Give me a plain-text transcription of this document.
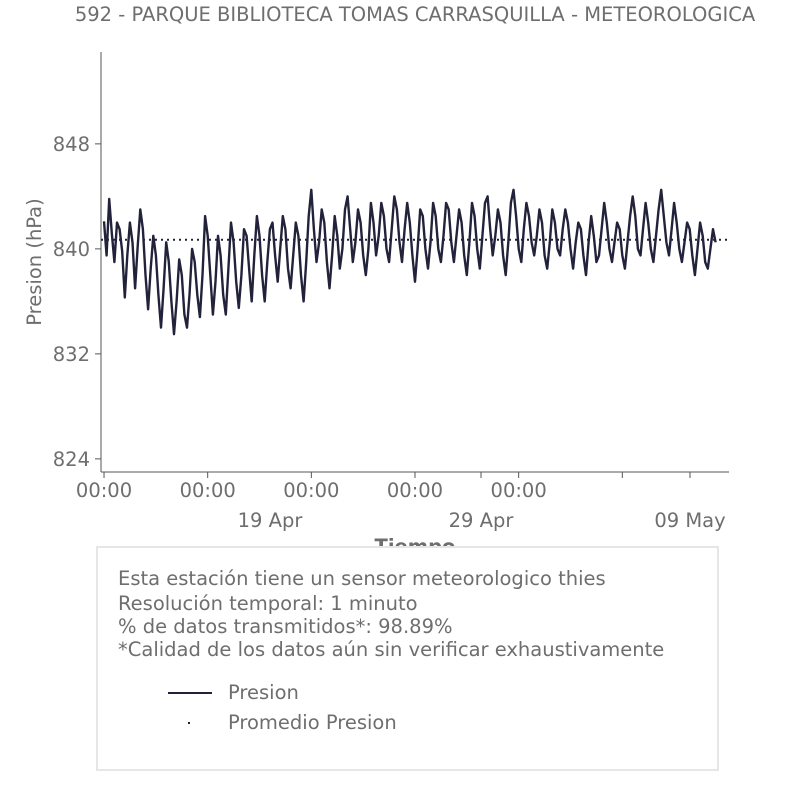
592 - PARQUE BIBLIOTECA TOMAS CARRASQUILLA - METEOROLOGICA
Presion (hPa)
824
832
840
848
00:00 00:00
19 Apr
00:00 00:00
29 Apr
00:00
09 May
Esta estación tiene un sensor meteorologico thies
Resolución temporal: 1 minuto
% de datos transmitidos*: 98.89%
*Calidad de los datos aún sin verificar exhaustivamente
Presion
Promedio Presion
